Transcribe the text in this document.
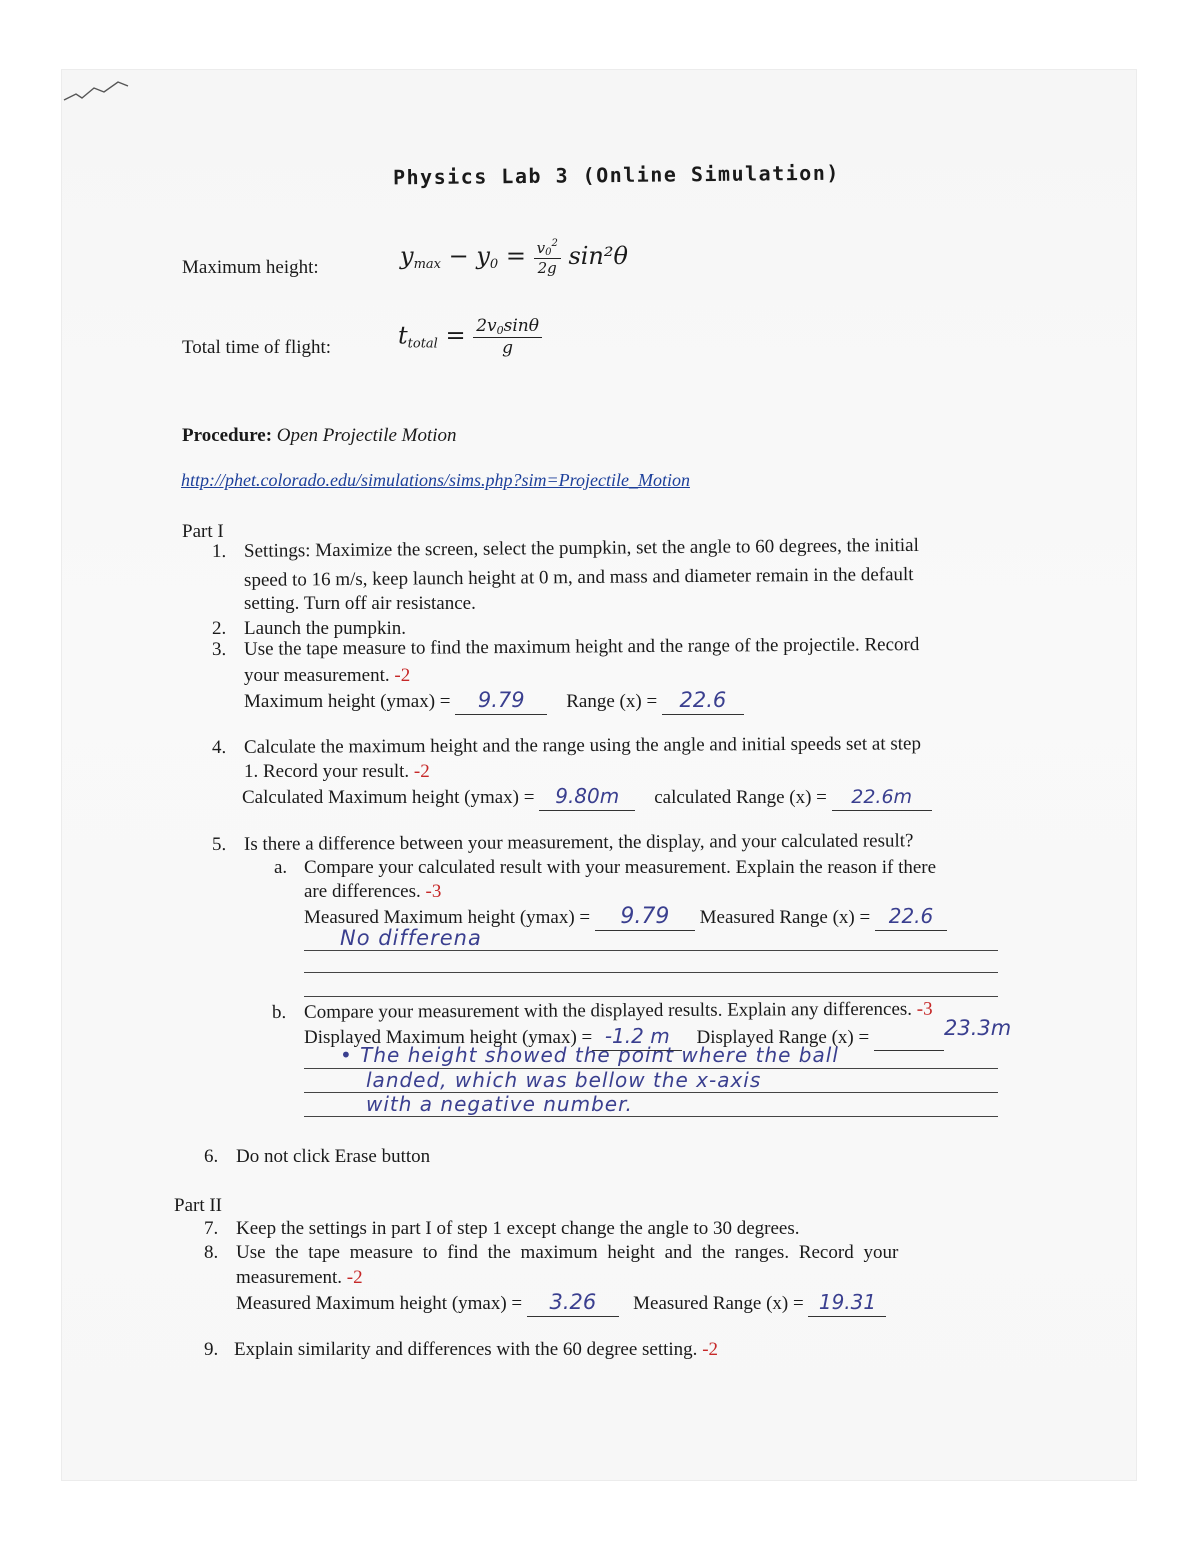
Physics Lab 3 (Online Simulation)
Maximum height:	$y_{max} - y_0 = \frac{v0^2}{2g} \sin^2\theta$
Total time of flight:	$t_{total} = \frac{2v0\sin\theta}{g}$
Procedure: Open Projectile Motion
http://phet.colorado.edu/simulations/sims.php?sim=Projectile_Motion
Part I
1. Settings: Maximize the screen, select the pumpkin, set the angle to 60 degrees, the initial
speed to 16 m/s, keep launch height at 0 m, and mass and diameter remain in the default
setting. Turn off air resistance.
2. Launch the pumpkin.
3. Use the tape measure to find the maximum height and the range of the projectile. Record
your measurement. -2
Maximum height (ymax) = 9.79 Range (x) = 22.6
4. Calculate the maximum height and the range using the angle and initial speeds set at step
1. Record your result. -2
Calculated Maximum height (ymax) = 9.80m calculated Range (x) = 22.6m
5. Is there a difference between your measurement, the display, and your calculated result?
a. Compare your calculated result with your measurement. Explain the reason if there
are differences. -3
Measured Maximum height (ymax) = 9.79 Measured Range (x) = 22.6
No differena
b. Compare your measurement with the displayed results. Explain any differences. -3
Displayed Maximum height (ymax) = -1.2 m Displayed Range (x) =	23.3m
• The height showed the point where the ball
landed, which was bellow the x-axis
with a negative number.
6. Do not click Erase button
Part II
7. Keep the settings in part I of step 1 except change the angle to 30 degrees.
8. Use the tape measure to find the maximum height and the ranges. Record your
measurement. -2
Measured Maximum height (ymax) = 3.26 Measured Range (x) = 19.31
9. Explain similarity and differences with the 60 degree setting. -2
